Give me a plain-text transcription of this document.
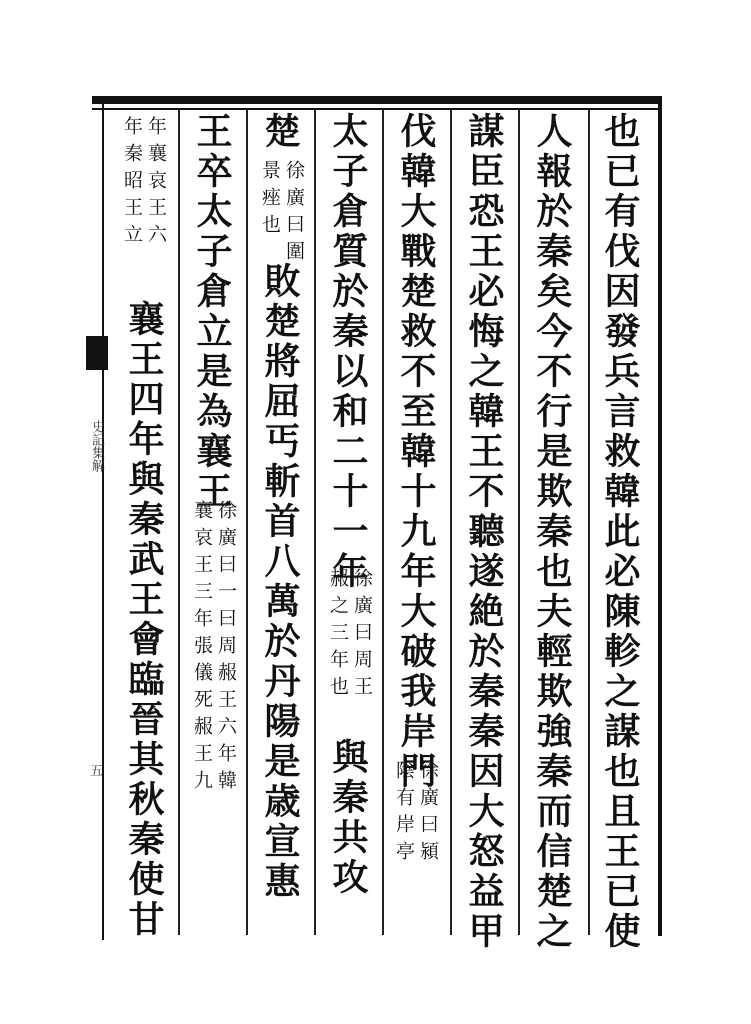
史記集解
五	也已有伐因發兵言救韓此必陳軫之謀也且王已使
人報於秦矣今不行是欺秦也夫輕欺強秦而信楚之
謀臣恐王必悔之韓王不聽遂絶於秦秦因大怒益甲
伐韓大戰楚救不至韓十九年大破我岸門
徐廣曰潁
陰有岸亭
太子倉質於秦以和二十一年
徐廣曰周王
赧之三年也
與秦共攻
楚
徐廣曰圍
景痤也
敗楚將屈丐斬首八萬於丹陽是歳宣惠
王卒太子倉立是為襄王
徐廣曰一曰周赧王六年韓
襄哀王三年張儀死赧王九
年襄哀王六
年秦昭王立
襄王四年與秦武王會臨晉其秋秦使甘
